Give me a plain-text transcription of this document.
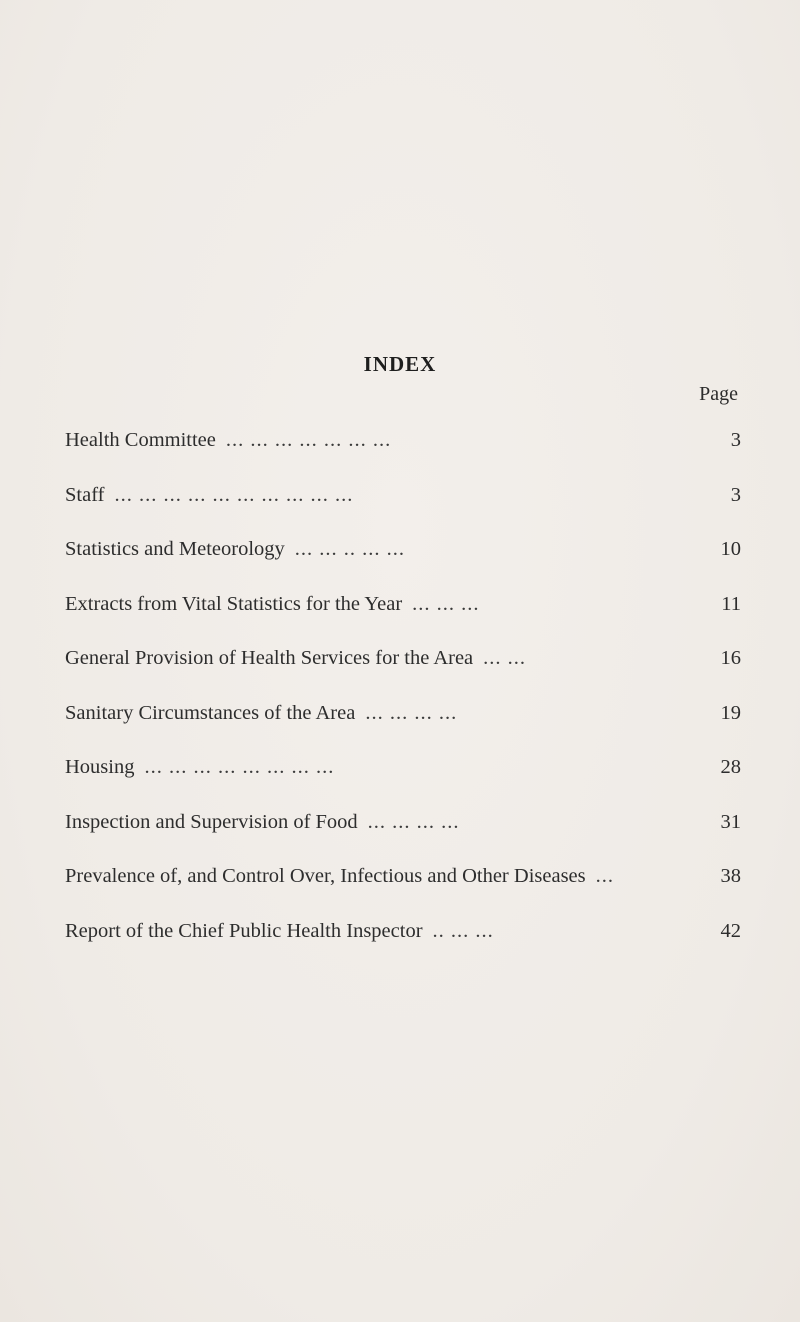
INDEX
Page
Health Committee ... ... ... ... ... ... ...	3
Staff ... ... ... ... ... ... ... ... ... ...	3
Statistics and Meteorology ... ... .. ... ...	10
Extracts from Vital Statistics for the Year ... ... ...	11
General Provision of Health Services for the Area ... ...	16
Sanitary Circumstances of the Area ... ... ... ...	19
Housing ... ... ... ... ... ... ... ...	28
Inspection and Supervision of Food ... ... ... ...	31
Prevalence of, and Control Over, Infectious and Other Diseases ...	38
Report of the Chief Public Health Inspector .. ... ...	42
